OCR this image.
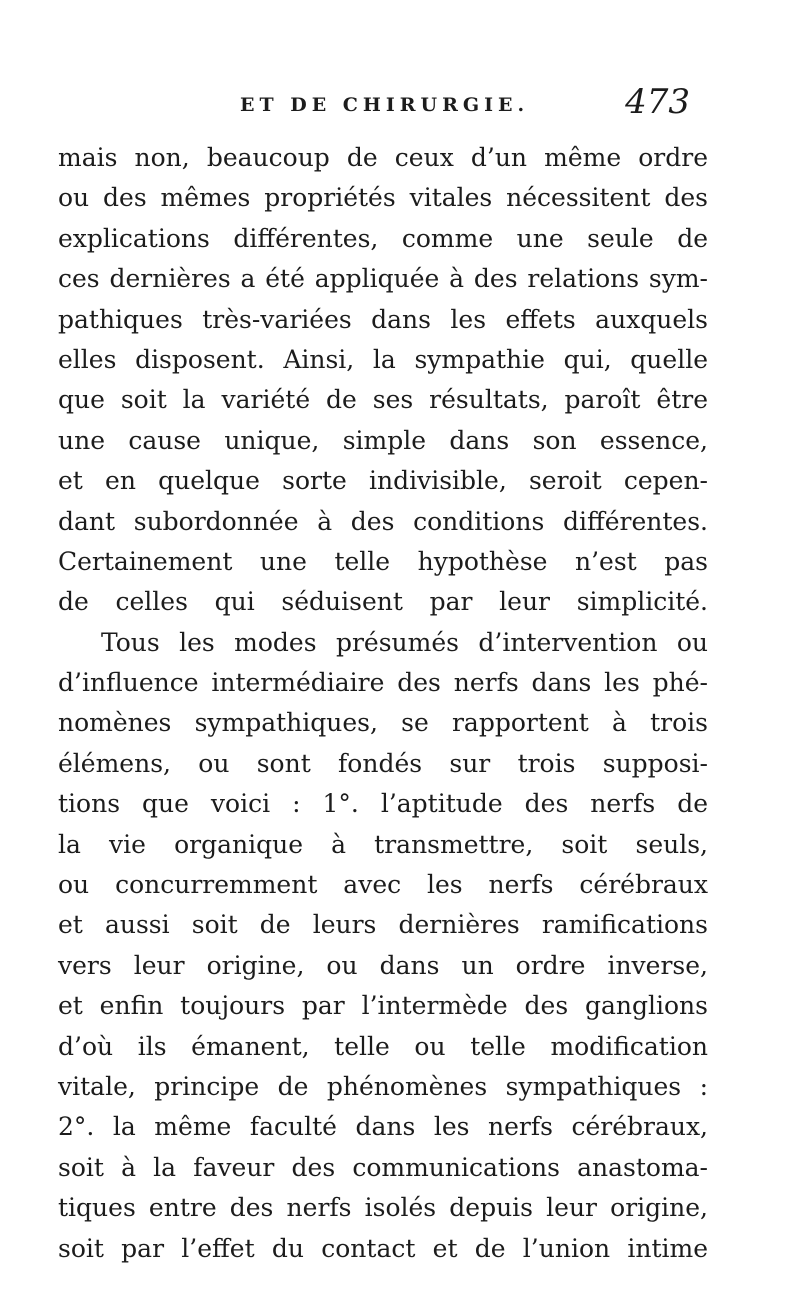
ET DE CHIRURGIE.	473
mais non, beaucoup de ceux d’un même ordre
ou des mêmes propriétés vitales nécessitent des
explications différentes, comme une seule de
ces dernières a été appliquée à des relations sym-
pathiques très-variées dans les effets auxquels
elles disposent. Ainsi, la sympathie qui, quelle
que soit la variété de ses résultats, paroît être
une cause unique, simple dans son essence,
et en quelque sorte indivisible, seroit cepen-
dant subordonnée à des conditions différentes.
Certainement une telle hypothèse n’est pas
de celles qui séduisent par leur simplicité.
Tous les modes présumés d’intervention ou
d’influence intermédiaire des nerfs dans les phé-
nomènes sympathiques, se rapportent à trois
élémens, ou sont fondés sur trois supposi-
tions que voici : 1°. l’aptitude des nerfs de
la vie organique à transmettre, soit seuls,
ou concurremment avec les nerfs cérébraux
et aussi soit de leurs dernières ramifications
vers leur origine, ou dans un ordre inverse,
et enfin toujours par l’intermède des ganglions
d’où ils émanent, telle ou telle modification
vitale, principe de phénomènes sympathiques :
2°. la même faculté dans les nerfs cérébraux,
soit à la faveur des communications anastoma-
tiques entre des nerfs isolés depuis leur origine,
soit par l’effet du contact et de l’union intime
